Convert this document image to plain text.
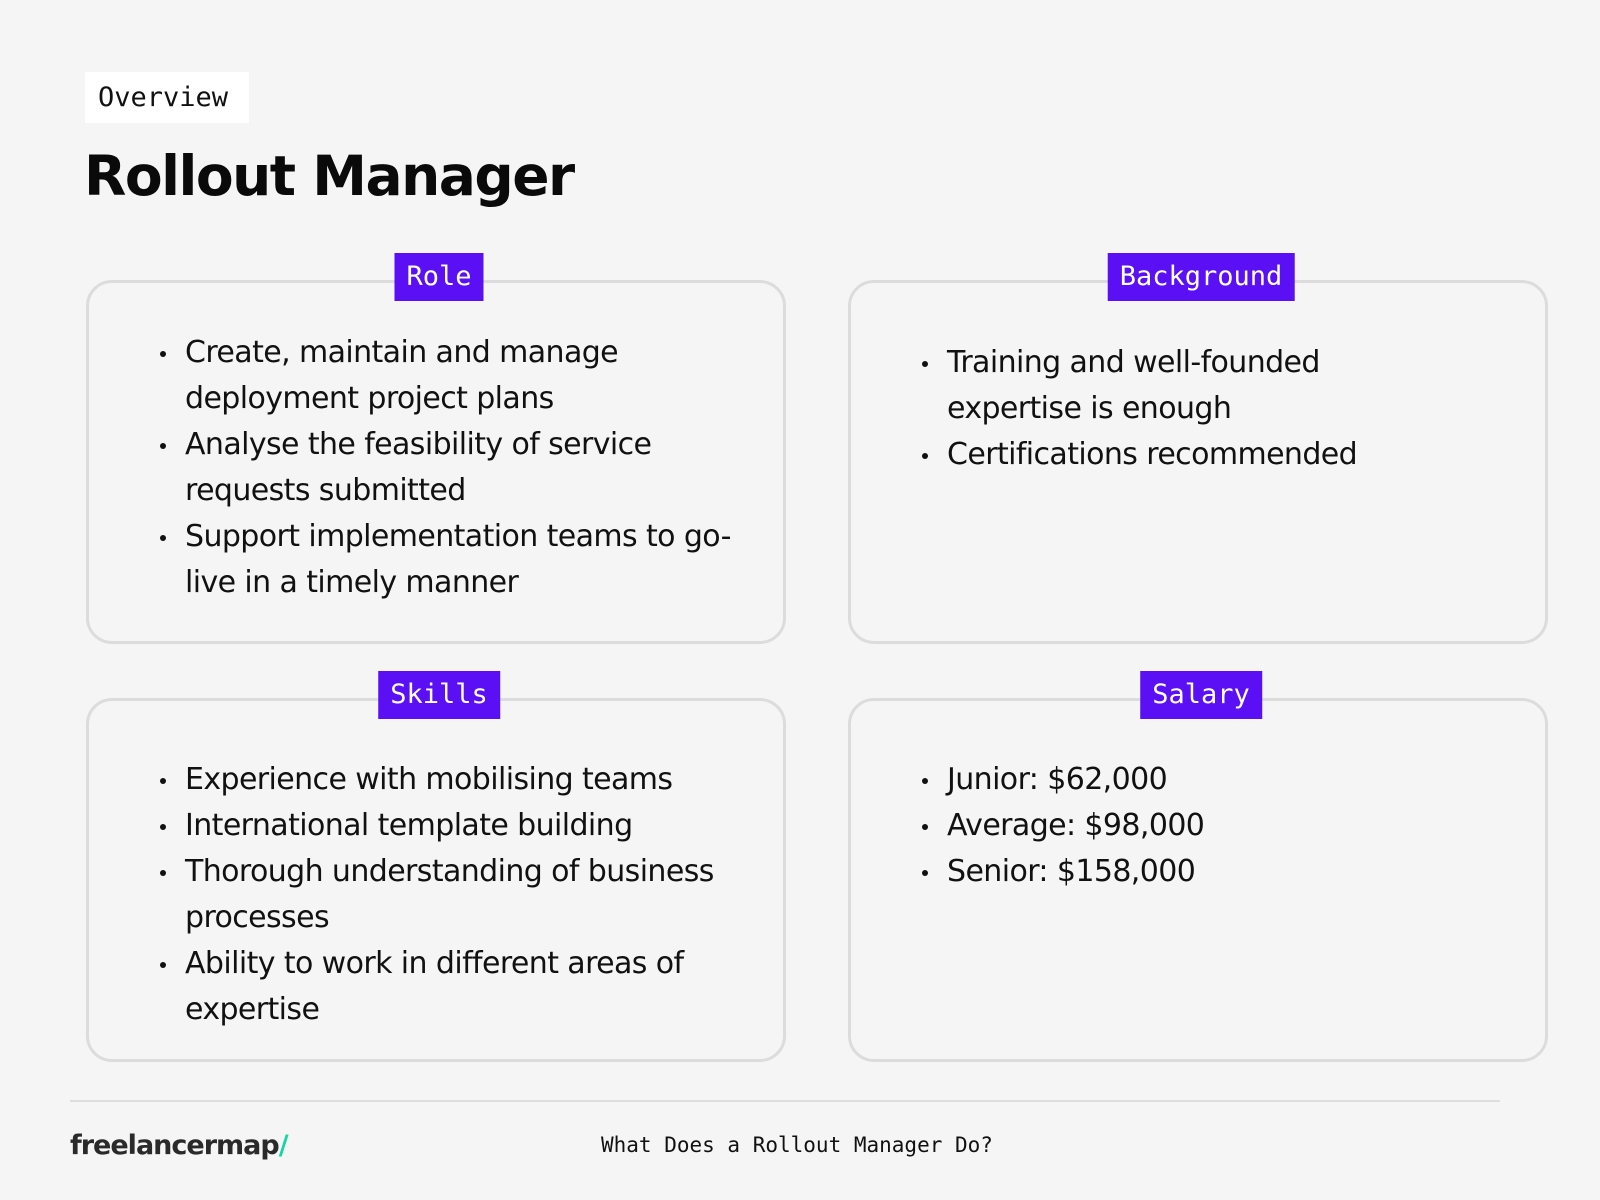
Overview
Rollout Manager
Role
Create, maintain and manage deployment project plans
Analyse the feasibility of service requests submitted
Support implementation teams to go-live in a timely manner
Background
Training and well-founded expertise is enough
Certifications recommended
Skills
Experience with mobilising teams
International template building
Thorough understanding of business processes
Ability to work in different areas of expertise
Salary
Junior: $62,000
Average: $98,000
Senior: $158,000
freelancermap/	What Does a Rollout Manager Do?
